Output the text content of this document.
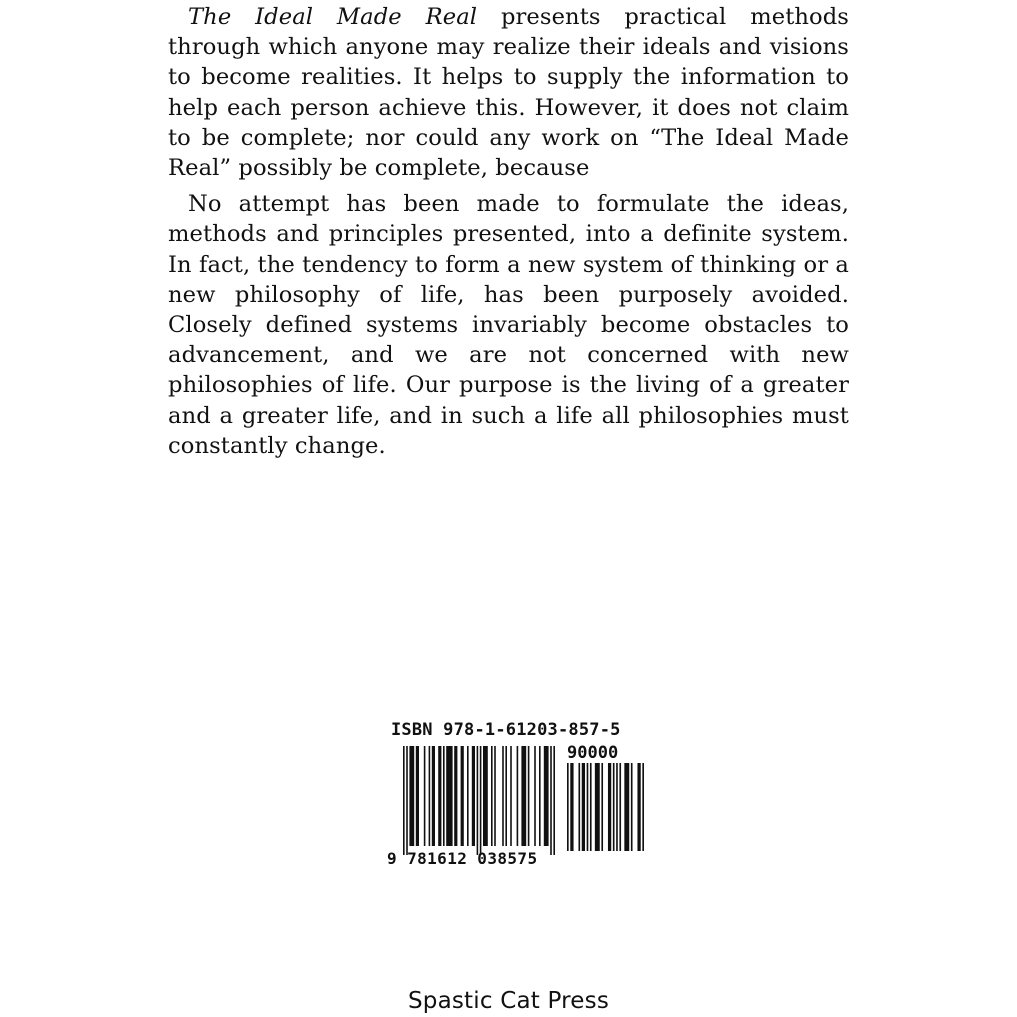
The Ideal Made Real presents practical methods through which anyone may realize their ideals and visions to become realities. It helps to supply the information to help each person achieve this. However, it does not claim to be complete; nor could any work on “The Ideal Made Real” possibly be complete, because

No attempt has been made to formulate the ideas, methods and principles presented, into a definite system. In fact, the tendency to form a new system of thinking or a new philosophy of life, has been purposely avoided. Closely defined systems invariably become obstacles to advancement, and we are not concerned with new philosophies of life. Our purpose is the living of a greater and a greater life, and in such a life all philosophies must constantly change.

ISBN 978-1-61203-857-5
90000
9 781612 038575
Spastic Cat Press
